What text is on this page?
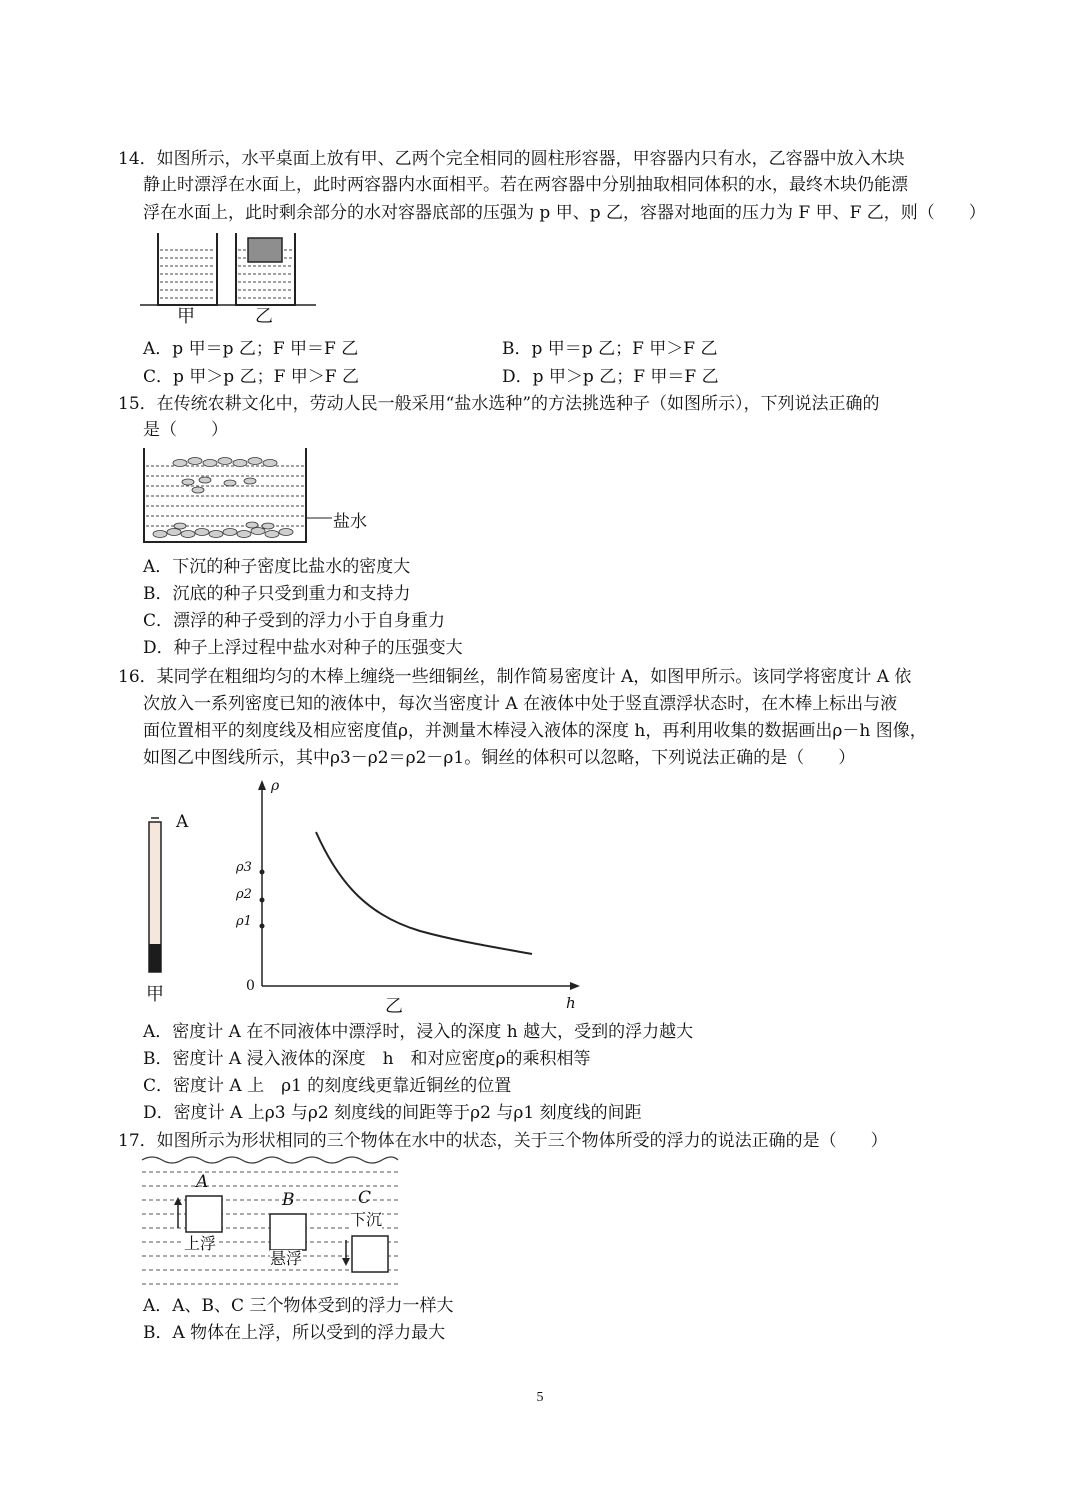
14．如图所示，水平桌面上放有甲、乙两个完全相同的圆柱形容器，甲容器内只有水，乙容器中放入木块
静止时漂浮在水面上，此时两容器内水面相平。若在两容器中分别抽取相同体积的水，最终木块仍能漂
浮在水面上，此时剩余部分的水对容器底部的压强为 p 甲、p 乙，容器对地面的压力为 F 甲、F 乙，则（　　）
甲	乙
A．p 甲＝p 乙；F 甲＝F 乙	B．p 甲＝p 乙；F 甲＞F 乙
C．p 甲＞p 乙；F 甲＞F 乙	D．p 甲＞p 乙；F 甲＝F 乙
15．在传统农耕文化中，劳动人民一般采用“盐水选种”的方法挑选种子（如图所示），下列说法正确的
是（　　）
盐水
A．下沉的种子密度比盐水的密度大
B．沉底的种子只受到重力和支持力
C．漂浮的种子受到的浮力小于自身重力
D．种子上浮过程中盐水对种子的压强变大
16．某同学在粗细均匀的木棒上缠绕一些细铜丝，制作简易密度计 A，如图甲所示。该同学将密度计 A 依
次放入一系列密度已知的液体中，每次当密度计 A 在液体中处于竖直漂浮状态时，在木棒上标出与液
面位置相平的刻度线及相应密度值ρ，并测量木棒浸入液体的深度 h，再利用收集的数据画出ρ－h 图像，
如图乙中图线所示，其中ρ3－ρ2＝ρ2－ρ1。铜丝的体积可以忽略，下列说法正确的是（　　）
A
甲
ρ
h
0
ρ3
ρ2
ρ1
乙
A．密度计 A 在不同液体中漂浮时，浸入的深度 h 越大，受到的浮力越大
B．密度计 A 浸入液体的深度　h　和对应密度ρ的乘积相等
C．密度计 A 上　ρ1 的刻度线更靠近铜丝的位置
D．密度计 A 上ρ3 与ρ2 刻度线的间距等于ρ2 与ρ1 刻度线的间距
17．如图所示为形状相同的三个物体在水中的状态，关于三个物体所受的浮力的说法正确的是（　　）
A
B	C
上浮
悬浮
下沉
A．A、B、C 三个物体受到的浮力一样大
B．A 物体在上浮，所以受到的浮力最大
5
